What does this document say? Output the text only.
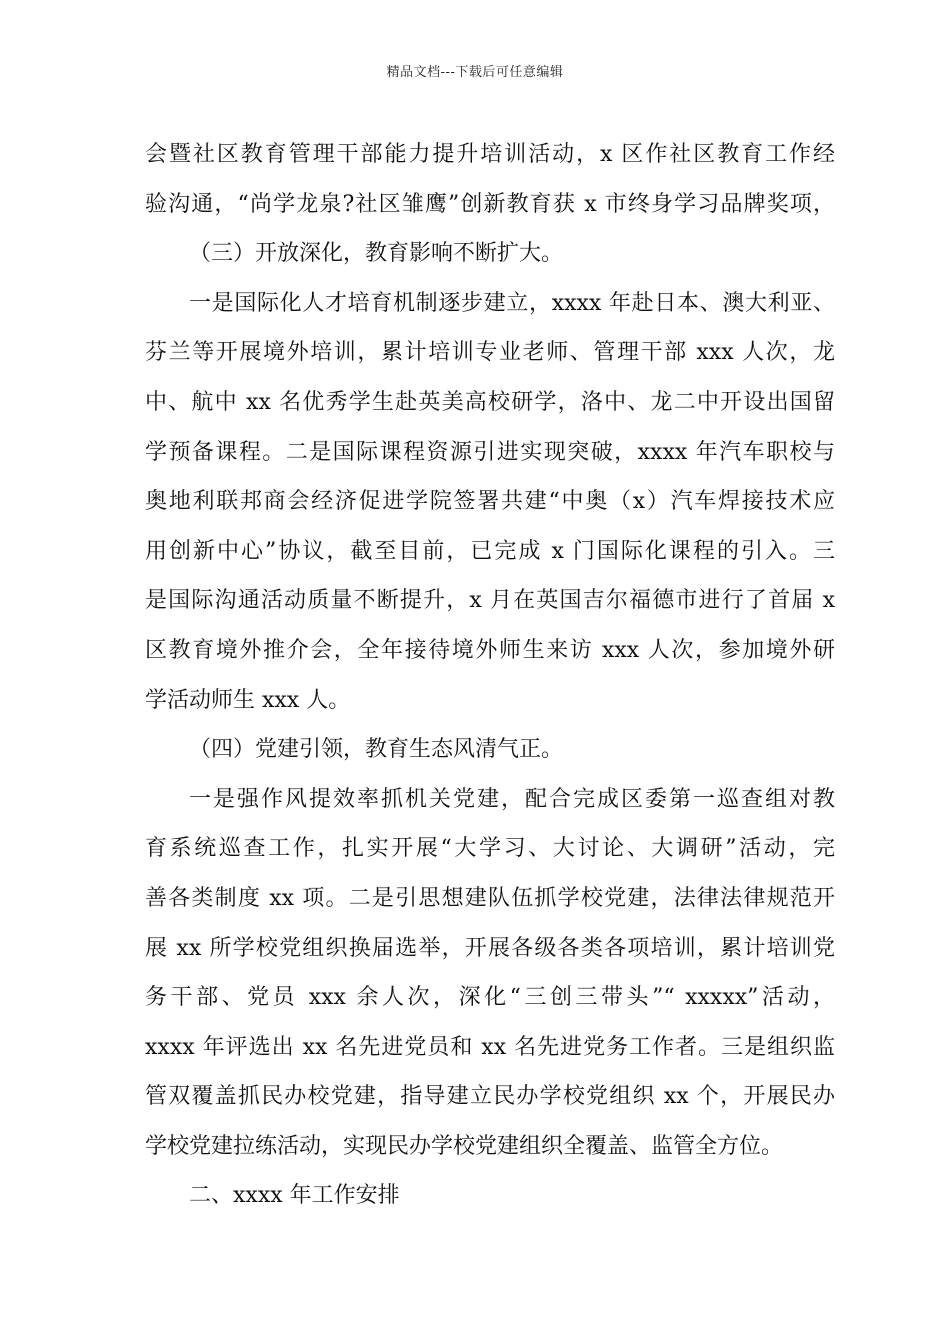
精品文档---下载后可任意编辑
会暨社区教育管理干部能力提升培训活动，x 区作社区教育工作经
验沟通，“尚学龙泉?社区雏鹰”创新教育获 x 市终身学习品牌奖项，
（三）开放深化，教育影响不断扩大。
一是国际化人才培育机制逐步建立，xxxx 年赴日本、澳大利亚、
芬兰等开展境外培训，累计培训专业老师、管理干部 xxx 人次，龙
中、航中 xx 名优秀学生赴英美高校研学，洛中、龙二中开设出国留
学预备课程。二是国际课程资源引进实现突破，xxxx 年汽车职校与
奥地利联邦商会经济促进学院签署共建“中奥（x）汽车焊接技术应
用创新中心”协议，截至目前，已完成 x 门国际化课程的引入。三
是国际沟通活动质量不断提升，x 月在英国吉尔福德市进行了首届 x
区教育境外推介会，全年接待境外师生来访 xxx 人次，参加境外研
学活动师生 xxx 人。
（四）党建引领，教育生态风清气正。
一是强作风提效率抓机关党建，配合完成区委第一巡查组对教
育系统巡查工作，扎实开展“大学习、大讨论、大调研”活动，完
善各类制度 xx 项。二是引思想建队伍抓学校党建，法律法律规范开
展 xx 所学校党组织换届选举，开展各级各类各项培训，累计培训党
务干部、党员 xxx 余人次，深化“三创三带头”“ xxxxx”活动，
xxxx 年评选出 xx 名先进党员和 xx 名先进党务工作者。三是组织监
管双覆盖抓民办校党建，指导建立民办学校党组织 xx 个，开展民办
学校党建拉练活动，实现民办学校党建组织全覆盖、监管全方位。
二、xxxx 年工作安排
